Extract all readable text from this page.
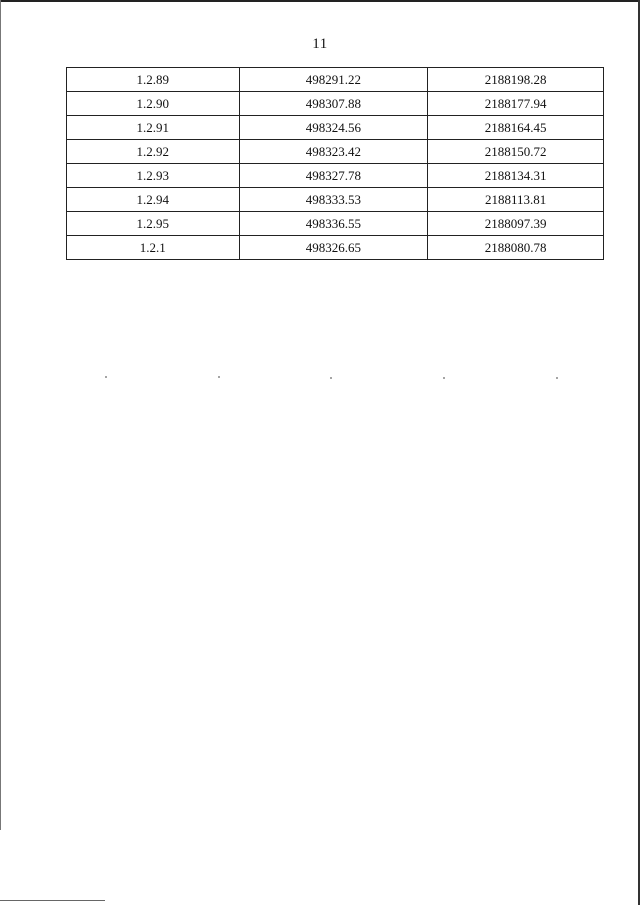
11
1.2.89	498291.22	2188198.28
1.2.90	498307.88	2188177.94
1.2.91	498324.56	2188164.45
1.2.92	498323.42	2188150.72
1.2.93	498327.78	2188134.31
1.2.94	498333.53	2188113.81
1.2.95	498336.55	2188097.39
1.2.1	498326.65	2188080.78
